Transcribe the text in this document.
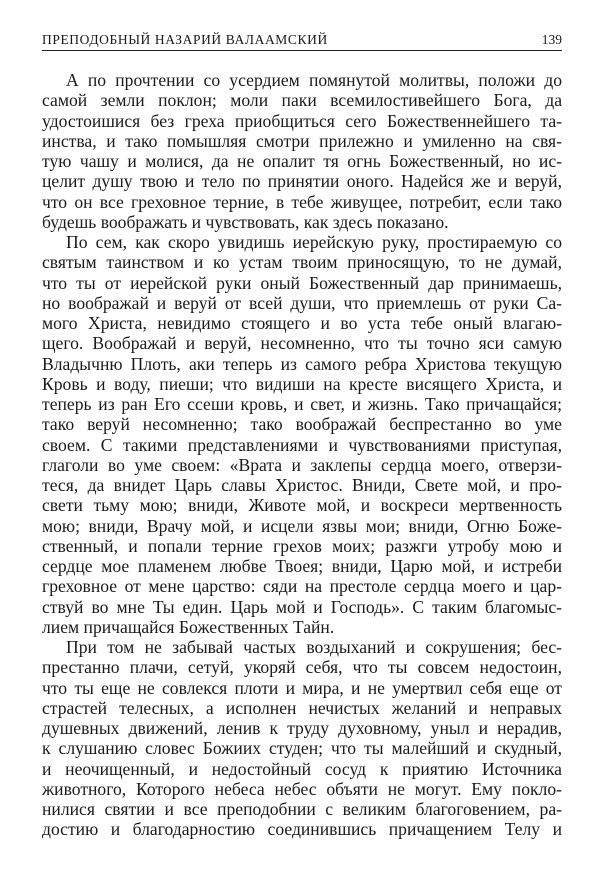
ПРЕПОДОБНЫЙ НАЗАРИЙ ВАЛААМСКИЙ	139
А по прочтении со усердием помянутой молитвы, положи до
самой земли поклон; моли паки всемилостивейшего Бога, да
удостоишися без греха приобщиться сего Божественнейшего та-
инства, и тако помышляя смотри прилежно и умиленно на свя-
тую чашу и молися, да не опалит тя огнь Божественный, но ис-
целит душу твою и тело по принятии оного. Надейся же и веруй,
что он все греховное терние, в тебе живущее, потребит, если тако
будешь воображать и чувствовать, как здесь показано.
По сем, как скоро увидишь иерейскую руку, простираемую со
святым таинством и ко устам твоим приносящую, то не думай,
что ты от иерейской руки оный Божественный дар принимаешь,
но воображай и веруй от всей души, что приемлешь от руки Са-
мого Христа, невидимо стоящего и во уста тебе оный влагаю-
щего. Воображай и веруй, несомненно, что ты точно яси самую
Владычню Плоть, аки теперь из самого ребра Христова текущую
Кровь и воду, пиеши; что видиши на кресте висящего Христа, и
теперь из ран Его ссеши кровь, и свет, и жизнь. Тако причащайся;
тако веруй несомненно; тако воображай беспрестанно во уме
своем. С такими представлениями и чувствованиями приступая,
глаголи во уме своем: «Врата и заклепы сердца моего, отверзи-
теся, да внидет Царь славы Христос. Вниди, Свете мой, и про-
свети тьму мою; вниди, Животе мой, и воскреси мертвенность
мою; вниди, Врачу мой, и исцели язвы мои; вниди, Огню Боже-
ственный, и попали терние грехов моих; разжги утробу мою и
сердце мое пламенем любве Твоея; вниди, Царю мой, и истреби
греховное от мене царство: сяди на престоле сердца моего и цар-
ствуй во мне Ты един. Царь мой и Господь». С таким благомыс-
лием причащайся Божественных Тайн.
При том не забывай частых воздыханий и сокрушения; бес-
престанно плачи, сетуй, укоряй себя, что ты совсем недостоин,
что ты еще не совлекся плоти и мира, и не умертвил себя еще от
страстей телесных, а исполнен нечистых желаний и неправых
душевных движений, ленив к труду духовному, уныл и нерадив,
к слушанию словес Божиих студен; что ты малейший и скудный,
и неочищенный, и недостойный сосуд к приятию Источника
животного, Которого небеса небес объяти не могут. Ему покло-
нилися святии и все преподобнии с великим благоговением, ра-
достию и благодарностию соединившись причащением Телу и
